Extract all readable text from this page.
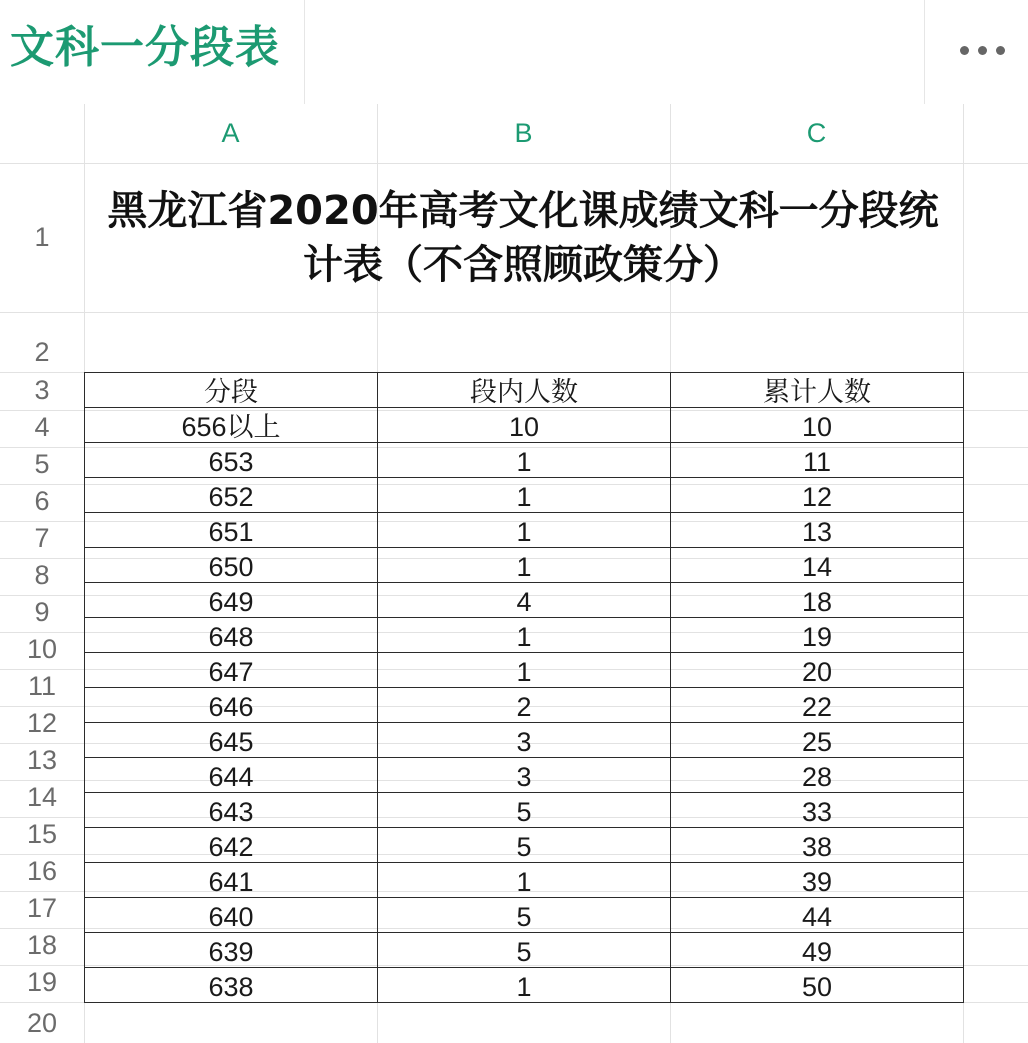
文科一分段表
黑龙江省2020年高考文化课成绩文科一分段统计表（不含照顾政策分）
分段	段内人数	累计人数
656以上	10	10
653	1	11
652	1	12
651	1	13
650	1	14
649	4	18
648	1	19
647	1	20
646	2	22
645	3	25
644	3	28
643	5	33
642	5	38
641	1	39
640	5	44
639	5	49
638	1	50
A	B	C
1
2
3
4
5
6
7
8
9
10
11
12
13
14
15
16
17
18
19
20
